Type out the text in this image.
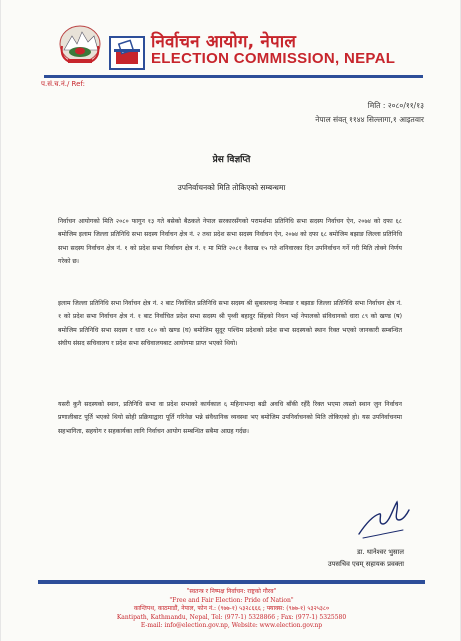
निर्वाचन आयोग, नेपाल
ELECTION COMMISSION, NEPAL
प.सं.च.नं./ Ref:
मिति : २०८०/११/१३
नेपाल संवत् ११४४ सिल्लागा,१ आइतवार
प्रेस विज्ञप्ति
उपनिर्वाचनको मिति तोकिएको सम्बन्धमा

निर्वाचन आयोगको मिति २०८० फागुन १३ गते बसेको बैठकले नेपाल सरकारसँगको परामर्शमा प्रतिनिधि सभा सदस्य निर्वाचन ऐन, २०७४ को दफा ६८ बमोजिम इलाम जिल्ला प्रतिनिधि सभा सदस्य निर्वाचन क्षेत्र नं. २ तथा प्रदेश सभा सदस्य निर्वाचन ऐन, २०७४ को दफा ६८ बमोजिम बझाङ जिल्ला प्रतिनिधि सभा सदस्य निर्वाचन क्षेत्र नं. १ को प्रदेश सभा निर्वाचन क्षेत्र नं. १ मा मिति २०८१ वैशाख १५ गते शनिवारका दिन उपनिर्वाचन गर्ने गरी मिति तोक्ने निर्णय गरेको छ।

इलाम जिल्ला प्रतिनिधि सभा निर्वाचन क्षेत्र नं. २ बाट निर्वाचित प्रतिनिधि सभा सदस्य श्री सुबासचन्द्र नेम्बाङ र बझाङ जिल्ला प्रतिनिधि सभा निर्वाचन क्षेत्र नं. १ को प्रदेश सभा निर्वाचन क्षेत्र नं. १ बाट निर्वाचित प्रदेश सभा सदस्य श्री पृथ्वी बहादुर सिंहको निधन भई नेपालको संविधानको धारा ८९ को खण्ड (ष) बमोजिम प्रतिनिधि सभा सदस्य र धारा १८० को खण्ड (घ) बमोजिम सुदूर पश्चिम प्रदेशको प्रदेश सभा सदस्यको स्थान रिक्त भएको जानकारी सम्बन्धित संघीय संसद सचिवालय र प्रदेश सभा सचिवालयबाट आयोगमा प्राप्त भएको थियो।

यसरी कुनै सदस्यको स्थान, प्रतिनिधि सभा वा प्रदेश सभाको कार्यकाल ६ महिनाभन्दा बढी अवधि बाँकी रहँदै रिक्त भएमा त्यस्तो स्थान जुन निर्वाचन प्रणालीबाट पूर्ति भएको थियो सोही प्रक्रियाद्वारा पूर्ति गरिनेछ भन्ने संवैधानिक व्यवस्था भए बमोजिम उपनिर्वाचनको मिति तोकिएको हो। यस उपनिर्वाचनमा सहभागिता, सहयोग र सहकार्यका लागि निर्वाचन आयोग सम्बन्धित सबैमा आग्रह गर्दछ।

डा. थानेश्वर भुसाल
उपसचिव एवम् सहायक प्रवक्ता
"स्वतन्त्र र निष्पक्ष निर्वाचन: राष्ट्रको गौरव"
"Free and Fair Election: Pride of Nation"
कान्तिपथ, काठमाडौं, नेपाल, फोन नं.: (९७७-१) ५३२८६६६ ; फ्याक्स: (९७७-१) ५३२५३८०
Kantipath, Kathmandu, Nepal, Tel: (977-1) 5328866 ; Fax: (977-1) 5325580
E-mail: info@election.gov.np, Website: www.election.gov.np
